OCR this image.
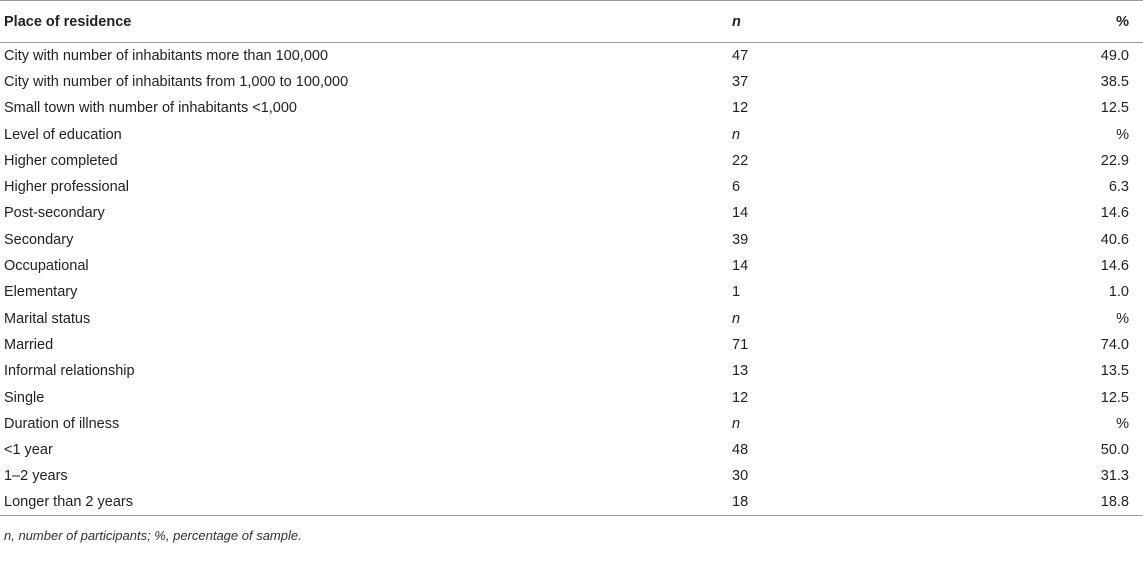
Place of residence	n	%
City with number of inhabitants more than 100,000	47	49.0
City with number of inhabitants from 1,000 to 100,000	37	38.5
Small town with number of inhabitants <1,000	12	12.5
Level of education	n	%
Higher completed	22	22.9
Higher professional	6	6.3
Post-secondary	14	14.6
Secondary	39	40.6
Occupational	14	14.6
Elementary	1	1.0
Marital status	n	%
Married	71	74.0
Informal relationship	13	13.5
Single	12	12.5
Duration of illness	n	%
<1 year	48	50.0
1–2 years	30	31.3
Longer than 2 years	18	18.8
n, number of participants; %, percentage of sample.
